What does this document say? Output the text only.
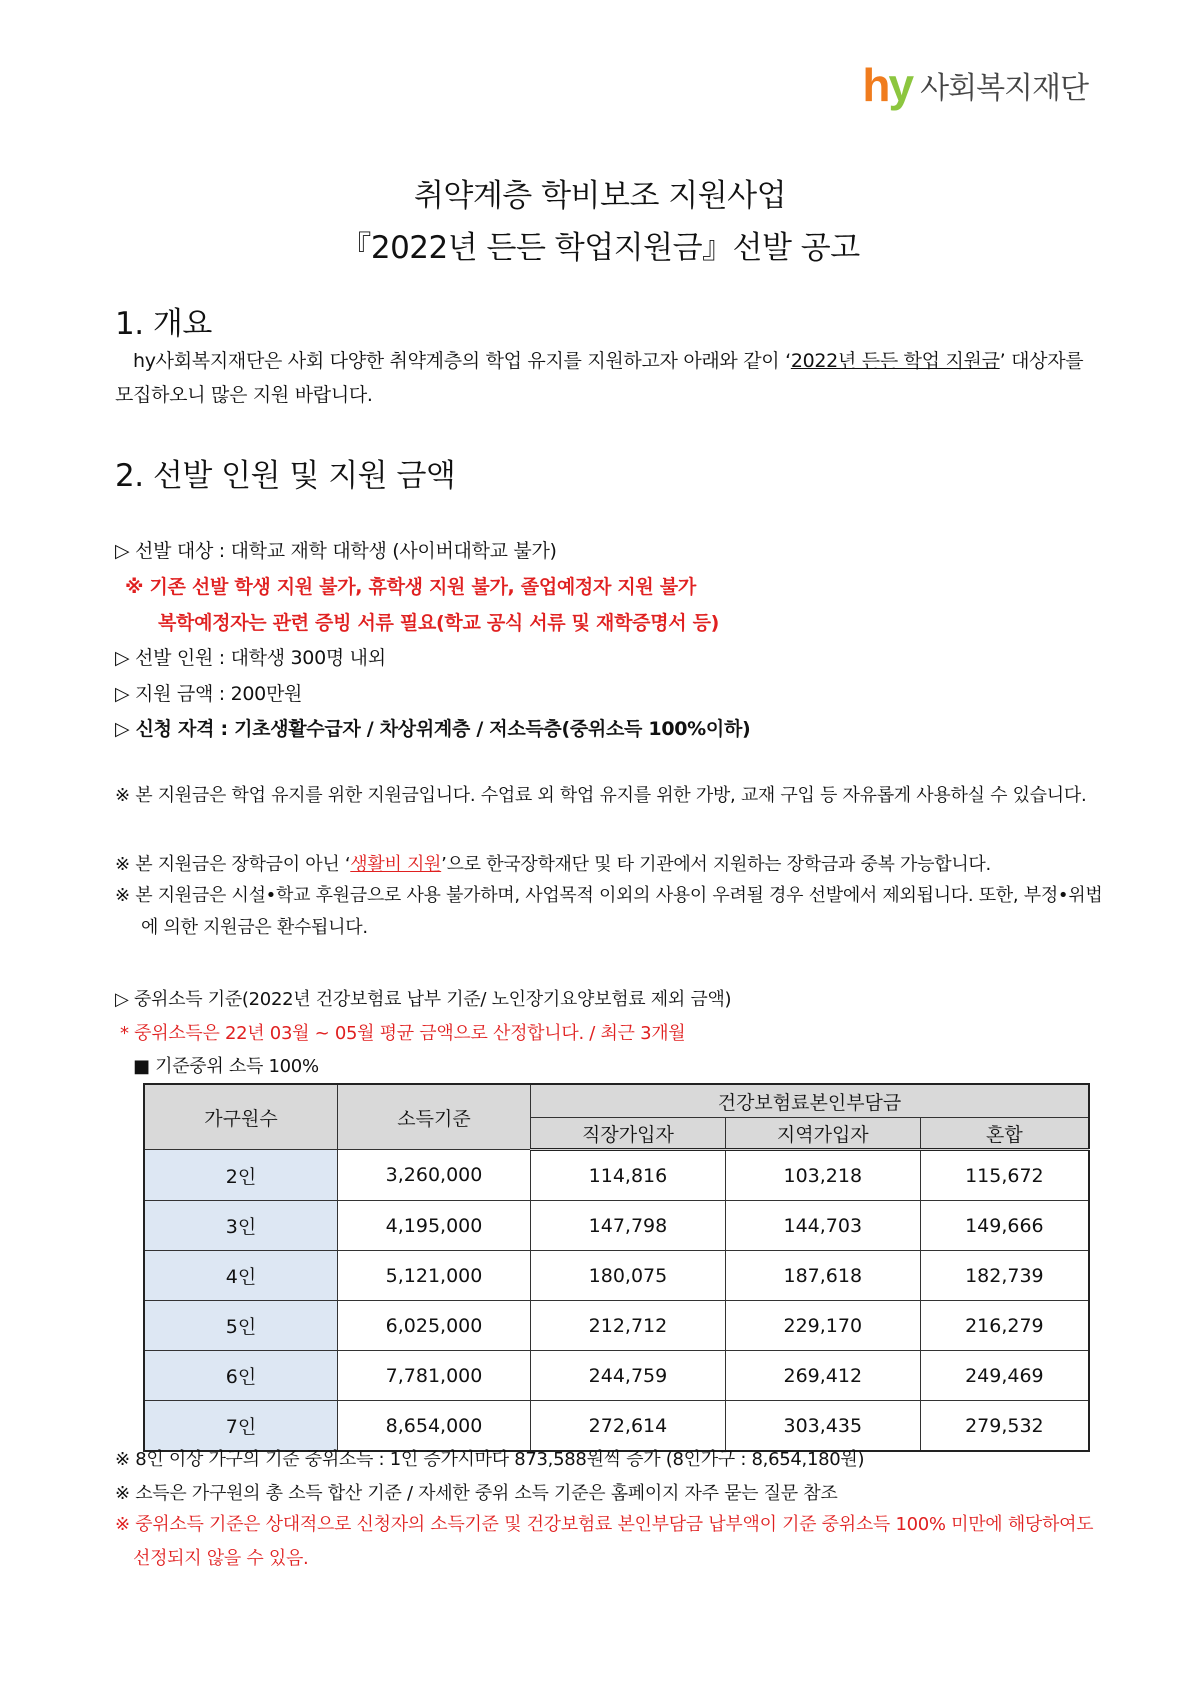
hy 사회복지재단
취약계층 학비보조 지원사업
『2022년 든든 학업지원금』선발 공고
1. 개요
hy사회복지재단은 사회 다양한 취약계층의 학업 유지를 지원하고자 아래와 같이 ‘2022년 든든 학업 지원금’ 대상자를 모집하오니 많은 지원 바랍니다.
2. 선발 인원 및 지원 금액
▷ 선발 대상 : 대학교 재학 대학생 (사이버대학교 불가)
※ 기존 선발 학생 지원 불가, 휴학생 지원 불가, 졸업예정자 지원 불가
복학예정자는 관련 증빙 서류 필요(학교 공식 서류 및 재학증명서 등)
▷ 선발 인원 : 대학생 300명 내외
▷ 지원 금액 : 200만원
▷ 신청 자격 : 기초생활수급자 / 차상위계층 / 저소득층(중위소득 100%이하)
※ 본 지원금은 학업 유지를 위한 지원금입니다. 수업료 외 학업 유지를 위한 가방, 교재 구입 등 자유롭게 사용하실 수 있습니다.
※ 본 지원금은 장학금이 아닌 ‘생활비 지원’으로 한국장학재단 및 타 기관에서 지원하는 장학금과 중복 가능합니다.
※ 본 지원금은 시설•학교 후원금으로 사용 불가하며, 사업목적 이외의 사용이 우려될 경우 선발에서 제외됩니다. 또한, 부정•위법에 의한 지원금은 환수됩니다.
▷ 중위소득 기준(2022년 건강보험료 납부 기준/ 노인장기요양보험료 제외 금액)
* 중위소득은 22년 03월 ~ 05월 평균 금액으로 산정합니다. / 최근 3개월
■ 기준중위 소득 100%
가구원수	소득기준	건강보험료본인부담금		
		직장가입자	지역가입자	혼합
2인	3,260,000	114,816	103,218	115,672
3인	4,195,000	147,798	144,703	149,666
4인	5,121,000	180,075	187,618	182,739
5인	6,025,000	212,712	229,170	216,279
6인	7,781,000	244,759	269,412	249,469
7인	8,654,000	272,614	303,435	279,532
※ 8인 이상 가구의 기준 중위소득 : 1인 증가시마다 873,588원씩 증가 (8인가구 : 8,654,180원)
※ 소득은 가구원의 총 소득 합산 기준 / 자세한 중위 소득 기준은 홈페이지 자주 묻는 질문 참조
※ 중위소득 기준은 상대적으로 신청자의 소득기준 및 건강보험료 본인부담금 납부액이 기준 중위소득 100% 미만에 해당하여도 선정되지 않을 수 있음.
